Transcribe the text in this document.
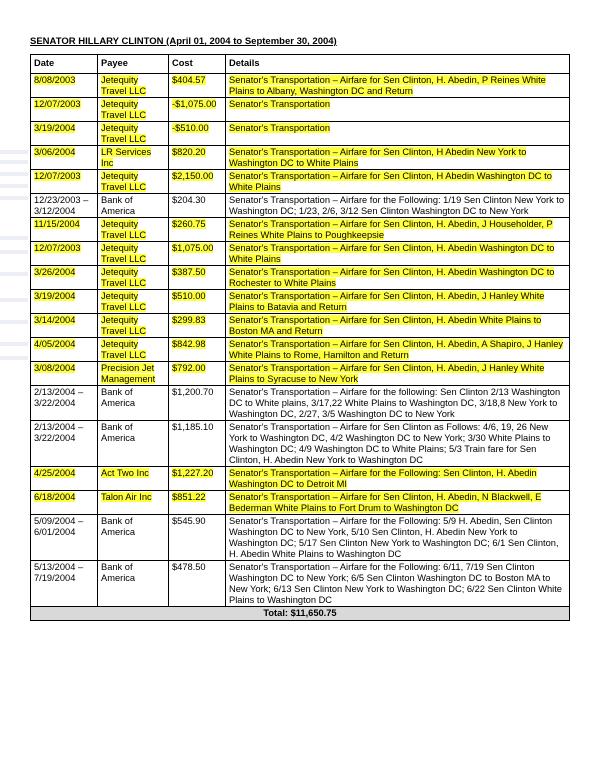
SENATOR HILLARY CLINTON (April 01, 2004 to September 30, 2004)
Date	Payee	Cost	Details
8/08/2003	Jetequity Travel LLC	$404.57	Senator's Transportation – Airfare for Sen Clinton, H. Abedin, P Reines White Plains to Albany, Washington DC and Return
12/07/2003	Jetequity Travel LLC	-$1,075.00	Senator's Transportation
3/19/2004	Jetequity Travel LLC	-$510.00	Senator's Transportation
3/06/2004	LR Services Inc	$820.20	Senator's Transportation – Airfare for Sen Clinton, H Abedin New York to Washington DC to White Plains
12/07/2003	Jetequity Travel LLC	$2,150.00	Senator's Transportation – Airfare for Sen Clinton, H Abedin Washington DC to White Plains
12/23/2003 – 3/12/2004	Bank of America	$204.30	Senator's Transportation – Airfare for the Following: 1/19 Sen Clinton New York to Washington DC; 1/23, 2/6, 3/12 Sen Clinton Washington DC to New York
11/15/2004	Jetequity Travel LLC	$260.75	Senator's Transportation – Airfare for Sen Clinton, H. Abedin, J Householder, P Reines White Plains to Poughkeepsie
12/07/2003	Jetequity Travel LLC	$1,075.00	Senator's Transportation – Airfare for Sen Clinton, H. Abedin Washington DC to White Plains
3/26/2004	Jetequity Travel LLC	$387.50	Senator's Transportation – Airfare for Sen Clinton, H. Abedin Washington DC to Rochester to White Plains
3/19/2004	Jetequity Travel LLC	$510.00	Senator's Transportation – Airfare for Sen Clinton, H. Abedin, J Hanley White Plains to Batavia and Return
3/14/2004	Jetequity Travel LLC	$299.83	Senator's Transportation – Airfare for Sen Clinton, H. Abedin White Plains to Boston MA and Return
4/05/2004	Jetequity Travel LLC	$842.98	Senator's Transportation – Airfare for Sen Clinton, H. Abedin, A Shapiro, J Hanley White Plains to Rome, Hamilton and Return
3/08/2004	Precision Jet Management	$792.00	Senator's Transportation – Airfare for Sen Clinton, H. Abedin, J Hanley White Plains to Syracuse to New York
2/13/2004 – 3/22/2004	Bank of America	$1,200.70	Senator's Transportation – Airfare for the following: Sen Clinton 2/13 Washington DC to White plains, 3/17,22 White Plains to Washington DC, 3/18,8 New York to Washington DC, 2/27, 3/5 Washington DC to New York
2/13/2004 – 3/22/2004	Bank of America	$1,185.10	Senator's Transportation – Airfare for Sen Clinton as Follows: 4/6, 19, 26 New York to Washington DC, 4/2 Washington DC to New York; 3/30 White Plains to Washington DC; 4/9 Washington DC to White Plains; 5/3 Train fare for Sen Clinton, H. Abedin New York to Washington DC
4/25/2004	Act Two Inc	$1,227.20	Senator's Transportation – Airfare for the Following: Sen Clinton, H. Abedin Washington DC to Detroit MI
6/18/2004	Talon Air Inc	$851.22	Senator's Transportation – Airfare for Sen Clinton, H. Abedin, N Blackwell, E Bederman White Plains to Fort Drum to Washington DC
5/09/2004 – 6/01/2004	Bank of America	$545.90	Senator's Transportation – Airfare for the Following: 5/9 H. Abedin, Sen Clinton Washington DC to New York, 5/10 Sen Clinton, H. Abedin New York to Washington DC; 5/17 Sen Clinton New York to Washington DC; 6/1 Sen Clinton, H. Abedin White Plains to Washington DC
5/13/2004 – 7/19/2004	Bank of America	$478.50	Senator's Transportation – Airfare for the Following: 6/11, 7/19 Sen Clinton Washington DC to New York; 6/5 Sen Clinton Washington DC to Boston MA to New York; 6/13 Sen Clinton New York to Washington DC; 6/22 Sen Clinton White Plains to Washington DC
Total: $11,650.75			
